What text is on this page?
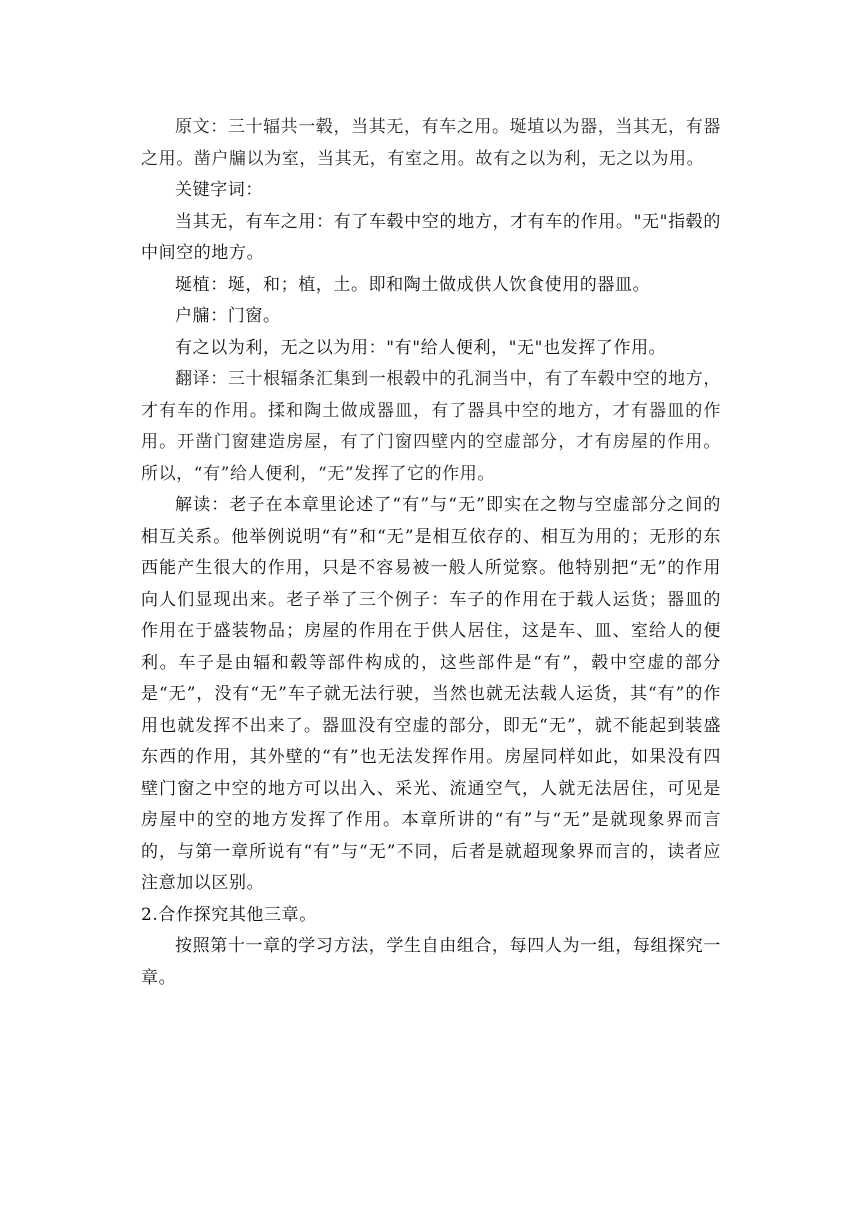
原文：三十辐共一毂，当其无，有车之用。埏埴以为器，当其无，有器之用。凿户牖以为室，当其无，有室之用。故有之以为利，无之以为用。

关键字词：

当其无，有车之用：有了车毂中空的地方，才有车的作用。"无"指毂的中间空的地方。

埏植：埏，和；植，土。即和陶土做成供人饮食使用的器皿。

户牖：门窗。

有之以为利，无之以为用："有"给人便利，"无"也发挥了作用。

翻译：三十根辐条汇集到一根毂中的孔洞当中，有了车毂中空的地方，才有车的作用。揉和陶土做成器皿，有了器具中空的地方，才有器皿的作用。开凿门窗建造房屋，有了门窗四壁内的空虚部分，才有房屋的作用。所以，“有”给人便利，“无”发挥了它的作用。

解读：老子在本章里论述了“有”与“无”即实在之物与空虚部分之间的相互关系。他举例说明“有”和“无”是相互依存的、相互为用的；无形的东西能产生很大的作用，只是不容易被一般人所觉察。他特别把“无”的作用向人们显现出来。老子举了三个例子：车子的作用在于载人运货；器皿的作用在于盛装物品；房屋的作用在于供人居住，这是车、皿、室给人的便利。车子是由辐和毂等部件构成的，这些部件是“有”，毂中空虚的部分是“无”，没有“无”车子就无法行驶，当然也就无法载人运货，其“有”的作用也就发挥不出来了。器皿没有空虚的部分，即无“无”，就不能起到装盛东西的作用，其外壁的“有”也无法发挥作用。房屋同样如此，如果没有四壁门窗之中空的地方可以出入、采光、流通空气，人就无法居住，可见是房屋中的空的地方发挥了作用。本章所讲的“有”与“无”是就现象界而言的，与第一章所说有“有”与“无”不同，后者是就超现象界而言的，读者应注意加以区别。

2.合作探究其他三章。

按照第十一章的学习方法，学生自由组合，每四人为一组，每组探究一章。
